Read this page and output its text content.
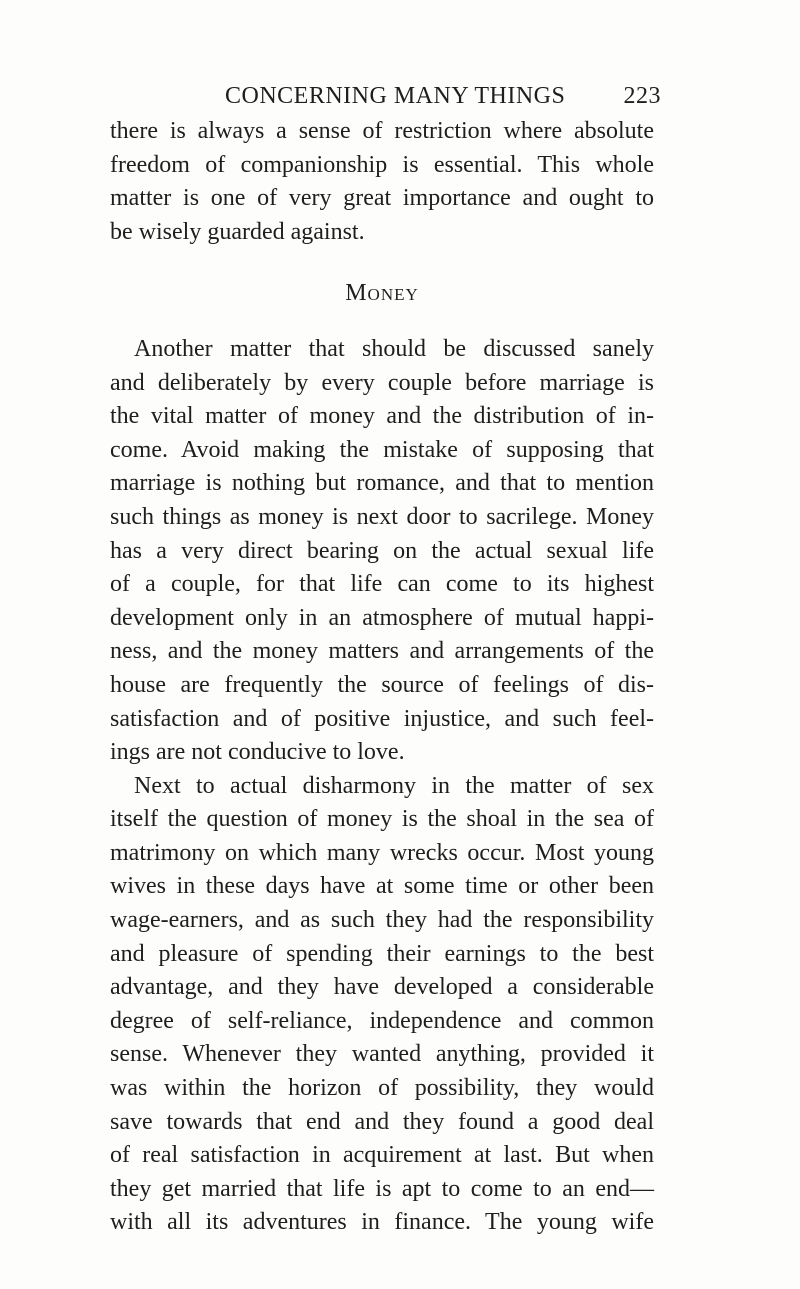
CONCERNING MANY THINGS 223
there is always a sense of restriction where absolute
freedom of companionship is essential. This whole
matter is one of very great importance and ought to
be wisely guarded against.
Money
Another matter that should be discussed sanely
and deliberately by every couple before marriage is
the vital matter of money and the distribution of in-
come. Avoid making the mistake of supposing that
marriage is nothing but romance, and that to mention
such things as money is next door to sacrilege. Money
has a very direct bearing on the actual sexual life
of a couple, for that life can come to its highest
development only in an atmosphere of mutual happi-
ness, and the money matters and arrangements of the
house are frequently the source of feelings of dis-
satisfaction and of positive injustice, and such feel-
ings are not conducive to love.
Next to actual disharmony in the matter of sex
itself the question of money is the shoal in the sea of
matrimony on which many wrecks occur. Most young
wives in these days have at some time or other been
wage-earners, and as such they had the responsibility
and pleasure of spending their earnings to the best
advantage, and they have developed a considerable
degree of self-reliance, independence and common
sense. Whenever they wanted anything, provided it
was within the horizon of possibility, they would
save towards that end and they found a good deal
of real satisfaction in acquirement at last. But when
they get married that life is apt to come to an end—
with all its adventures in finance. The young wife
